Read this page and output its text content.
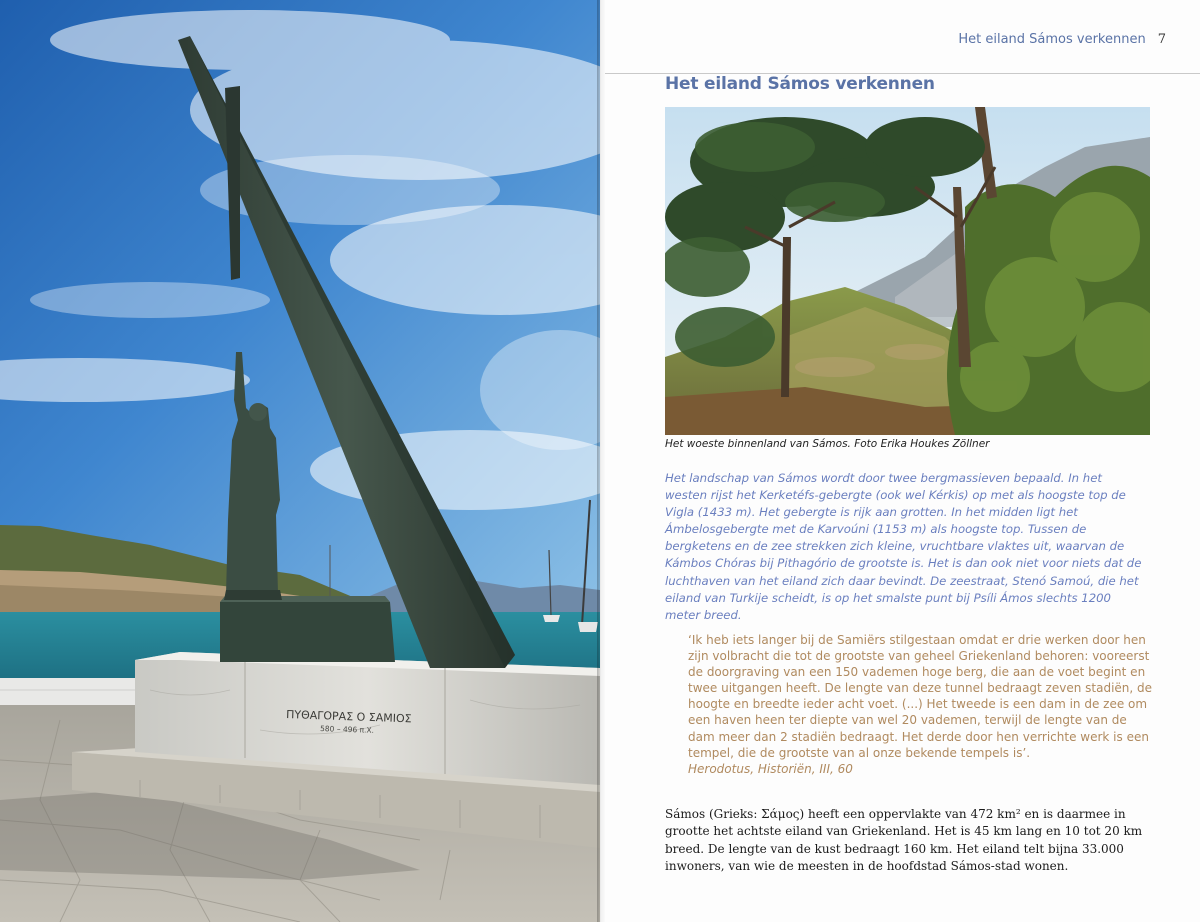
ΠΥΘΑΓΟΡΑΣ Ο ΣΑΜΙΟΣ
580 – 496 π.Χ.
Het eiland Sámos verkennen 7
Het eiland Sámos verkennen
Het woeste binnenland van Sámos. Foto Erika Houkes Zöllner

Het landschap van Sámos wordt door twee bergmassieven bepaald. In het westen rijst het Kerketéfs-gebergte (ook wel Kérkis) op met als hoogste top de Vigla (1433 m). Het gebergte is rijk aan grotten. In het midden ligt het Ámbelosgebergte met de Karvoúni (1153 m) als hoogste top. Tussen de bergketens en de zee strekken zich kleine, vruchtbare vlaktes uit, waarvan de Kámbos Chóras bij Pithagório de grootste is. Het is dan ook niet voor niets dat de luchthaven van het eiland zich daar bevindt. De zeestraat, Stenó Samoú, die het eiland van Turkije scheidt, is op het smalste punt bij Psíli Ámos slechts 1200 meter breed.

‘Ik heb iets langer bij de Samiërs stilgestaan omdat er drie werken door hen zijn volbracht die tot de grootste van geheel Griekenland behoren: vooreerst de doorgraving van een 150 vademen hoge berg, die aan de voet begint en twee uitgangen heeft. De lengte van deze tunnel bedraagt zeven stadiën, de hoogte en breedte ieder acht voet. (...) Het tweede is een dam in de zee om een haven heen ter diepte van wel 20 vademen, terwijl de lengte van de dam meer dan 2 stadiën bedraagt. Het derde door hen verrichte werk is een tempel, die de grootste van al onze bekende tempels is’.
Herodotus, Historiën, III, 60

Sámos (Grieks: Σάμος) heeft een oppervlakte van 472 km² en is daarmee in grootte het achtste eiland van Griekenland. Het is 45 km lang en 10 tot 20 km breed. De lengte van de kust bedraagt 160 km. Het eiland telt bijna 33.000 inwoners, van wie de meesten in de hoofdstad Sámos-stad wonen.
